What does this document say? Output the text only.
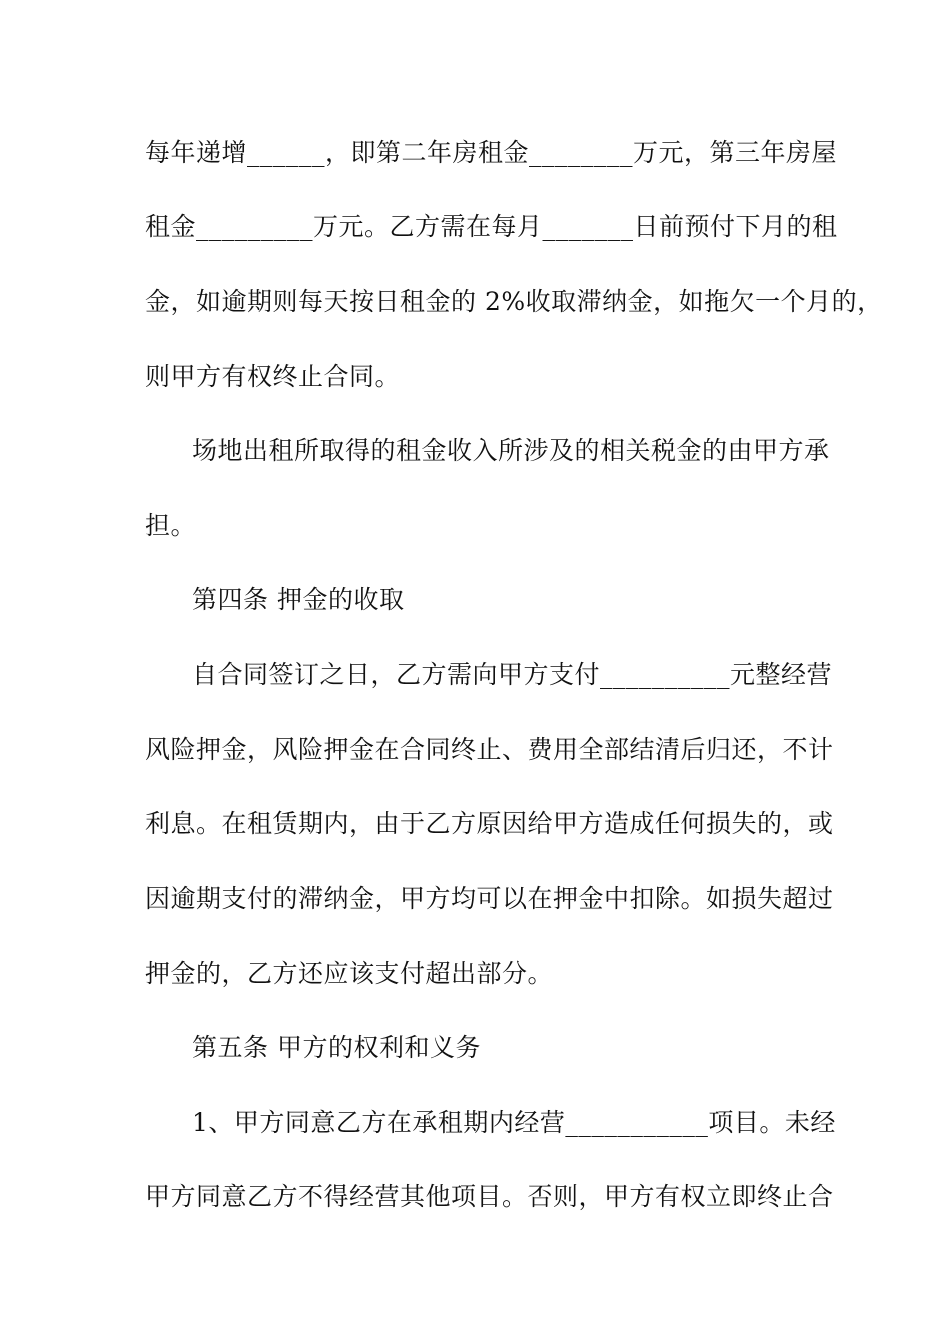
每年递增______，即第二年房租金________万元，第三年房屋
租金_________万元。乙方需在每月_______日前预付下月的租
金，如逾期则每天按日租金的 2%收取滞纳金，如拖欠一个月的，
则甲方有权终止合同。
场地出租所取得的租金收入所涉及的相关税金的由甲方承
担。
第四条 押金的收取
自合同签订之日，乙方需向甲方支付__________元整经营
风险押金，风险押金在合同终止、费用全部结清后归还，不计
利息。在租赁期内，由于乙方原因给甲方造成任何损失的，或
因逾期支付的滞纳金，甲方均可以在押金中扣除。如损失超过
押金的，乙方还应该支付超出部分。
第五条 甲方的权利和义务
1、甲方同意乙方在承租期内经营___________项目。未经
甲方同意乙方不得经营其他项目。否则，甲方有权立即终止合
